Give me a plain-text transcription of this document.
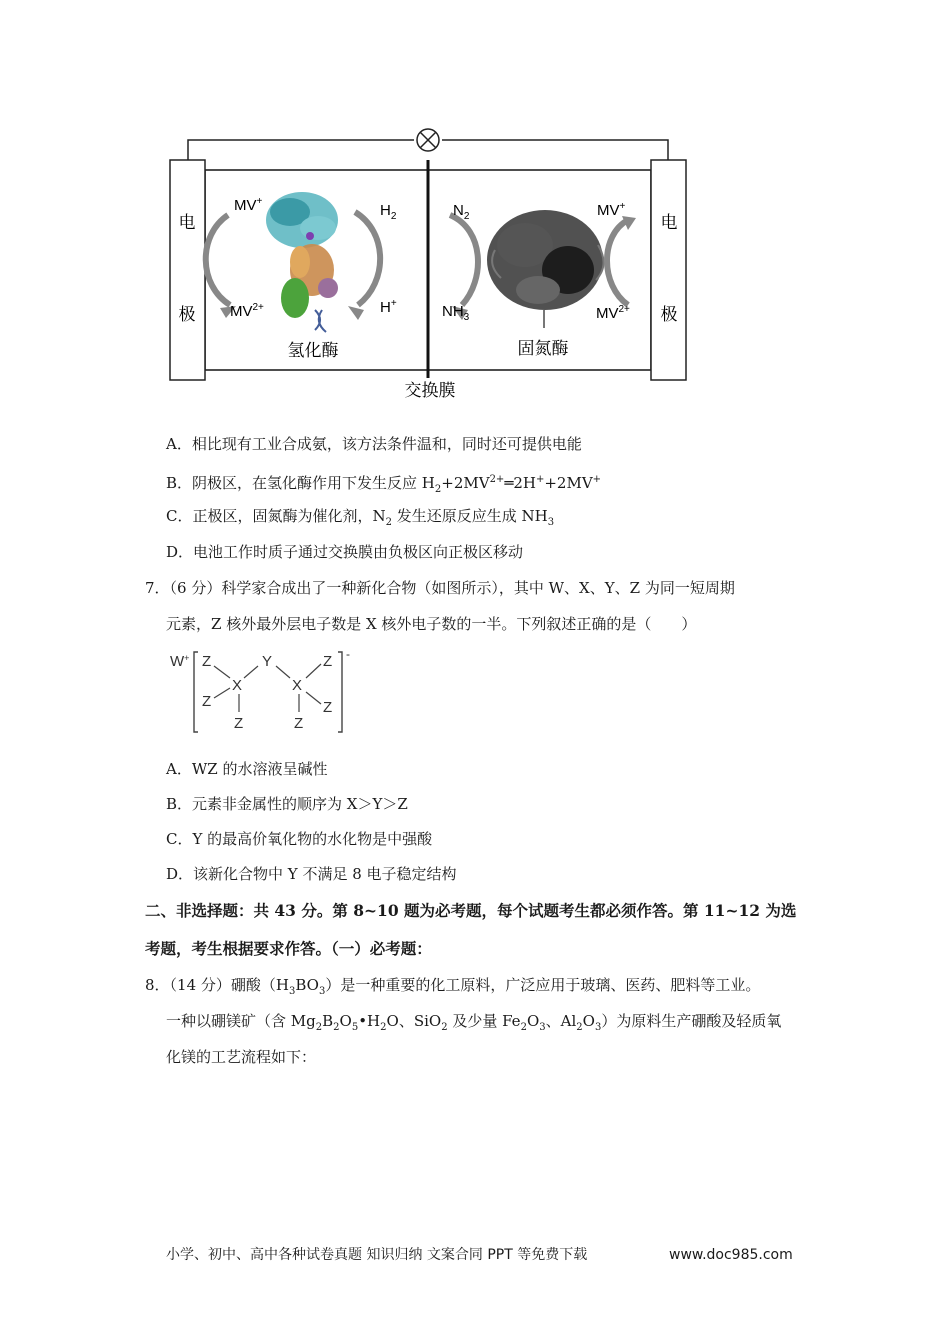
电
极
电
极
MV+
$MV^{2+}$
$H_2$
H+
$N_2$
$NH_3$
MV+
$MV^{2+}$
氢化酶	固氮酶
交换膜
A．相比现有工业合成氨，该方法条件温和，同时还可提供电能
B．阴极区，在氢化酶作用下发生反应 $H_2+2MV^{2+}═2H^++2MV^+$
C．正极区，固氮酶为催化剂，$N_2$ 发生还原反应生成 $NH_3$
D．电池工作时质子通过交换膜由负极区向正极区移动
7．（6 分）科学家合成出了一种新化合物（如图所示），其中 W、X、Y、Z 为同一短周期
元素，Z 核外最外层电子数是 X 核外电子数的一半。下列叙述正确的是（　　）
W+	-
Z	Y	Z
X	X
Z
Z	Z
Z
A．WZ 的水溶液呈碱性
B．元素非金属性的顺序为 X＞Y＞Z
C．Y 的最高价氧化物的水化物是中强酸
D．该新化合物中 Y 不满足 8 电子稳定结构
二、非选择题：共 43 分。第 8~10 题为必考题，每个试题考生都必须作答。第 11~12 为选
考题，考生根据要求作答。（一）必考题：
8．（14 分）硼酸$(H_3BO_3)$是一种重要的化工原料，广泛应用于玻璃、医药、肥料等工业。
一种以硼镁矿（含 $Mg_2B_2O_5•H_2O$、SiO$_2$ 及少量 $Fe_2O_3$、$Al_2O_3$）为原料生产硼酸及轻质氧
化镁的工艺流程如下：
小学、初中、高中各种试卷真题 知识归纳 文案合同 PPT 等免费下载	www.doc985.com
